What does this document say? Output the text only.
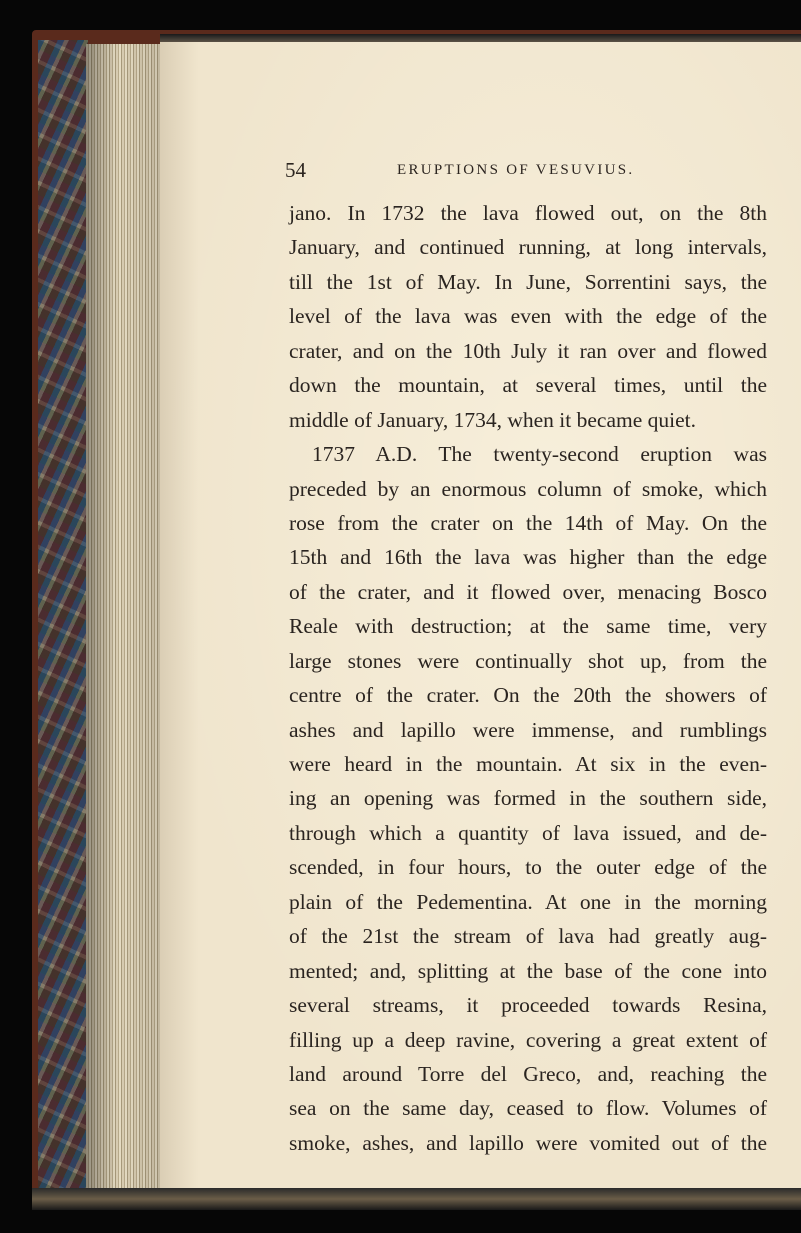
54	ERUPTIONS OF VESUVIUS.
jano. In 1732 the lava flowed out, on the 8th
January, and continued running, at long intervals,
till the 1st of May. In June, Sorrentini says, the
level of the lava was even with the edge of the
crater, and on the 10th July it ran over and flowed
down the mountain, at several times, until the
middle of January, 1734, when it became quiet.
1737 A.D. The twenty-second eruption was
preceded by an enormous column of smoke, which
rose from the crater on the 14th of May. On the
15th and 16th the lava was higher than the edge
of the crater, and it flowed over, menacing Bosco
Reale with destruction; at the same time, very
large stones were continually shot up, from the
centre of the crater. On the 20th the showers of
ashes and lapillo were immense, and rumblings
were heard in the mountain. At six in the even-
ing an opening was formed in the southern side,
through which a quantity of lava issued, and de-
scended, in four hours, to the outer edge of the
plain of the Pedementina. At one in the morning
of the 21st the stream of lava had greatly aug-
mented; and, splitting at the base of the cone into
several streams, it proceeded towards Resina,
filling up a deep ravine, covering a great extent of
land around Torre del Greco, and, reaching the
sea on the same day, ceased to flow. Volumes of
smoke, ashes, and lapillo were vomited out of the
